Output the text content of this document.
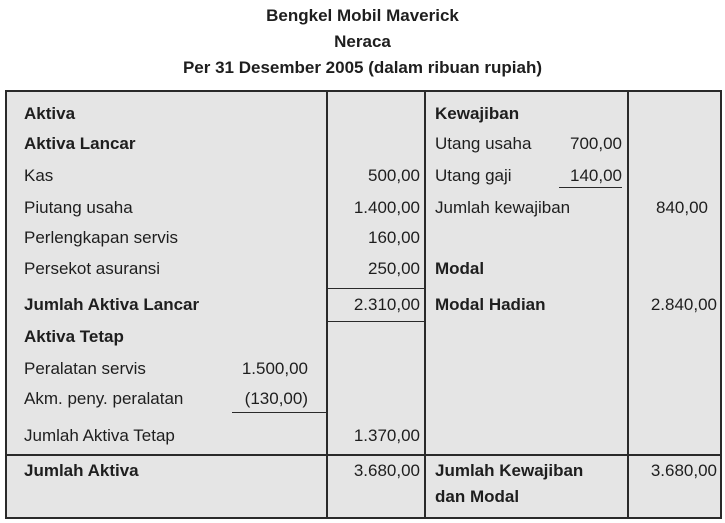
Bengkel Mobil Maverick
Neraca
Per 31 Desember 2005 (dalam ribuan rupiah)
Aktiva
Aktiva Lancar
Kas	500,00
Piutang usaha	1.400,00
Perlengkapan servis	160,00
Persekot asuransi	250,00
Jumlah Aktiva Lancar	2.310,00
Aktiva Tetap
Peralatan servis	1.500,00
Akm. peny. peralatan	(130,00)
Jumlah Aktiva Tetap	1.370,00
Jumlah Aktiva	3.680,00
Kewajiban
Utang usaha	700,00
Utang gaji	140,00
Jumlah kewajiban	840,00
Modal
Modal Hadian	2.840,00
Jumlah Kewajiban
dan Modal
3.680,00
